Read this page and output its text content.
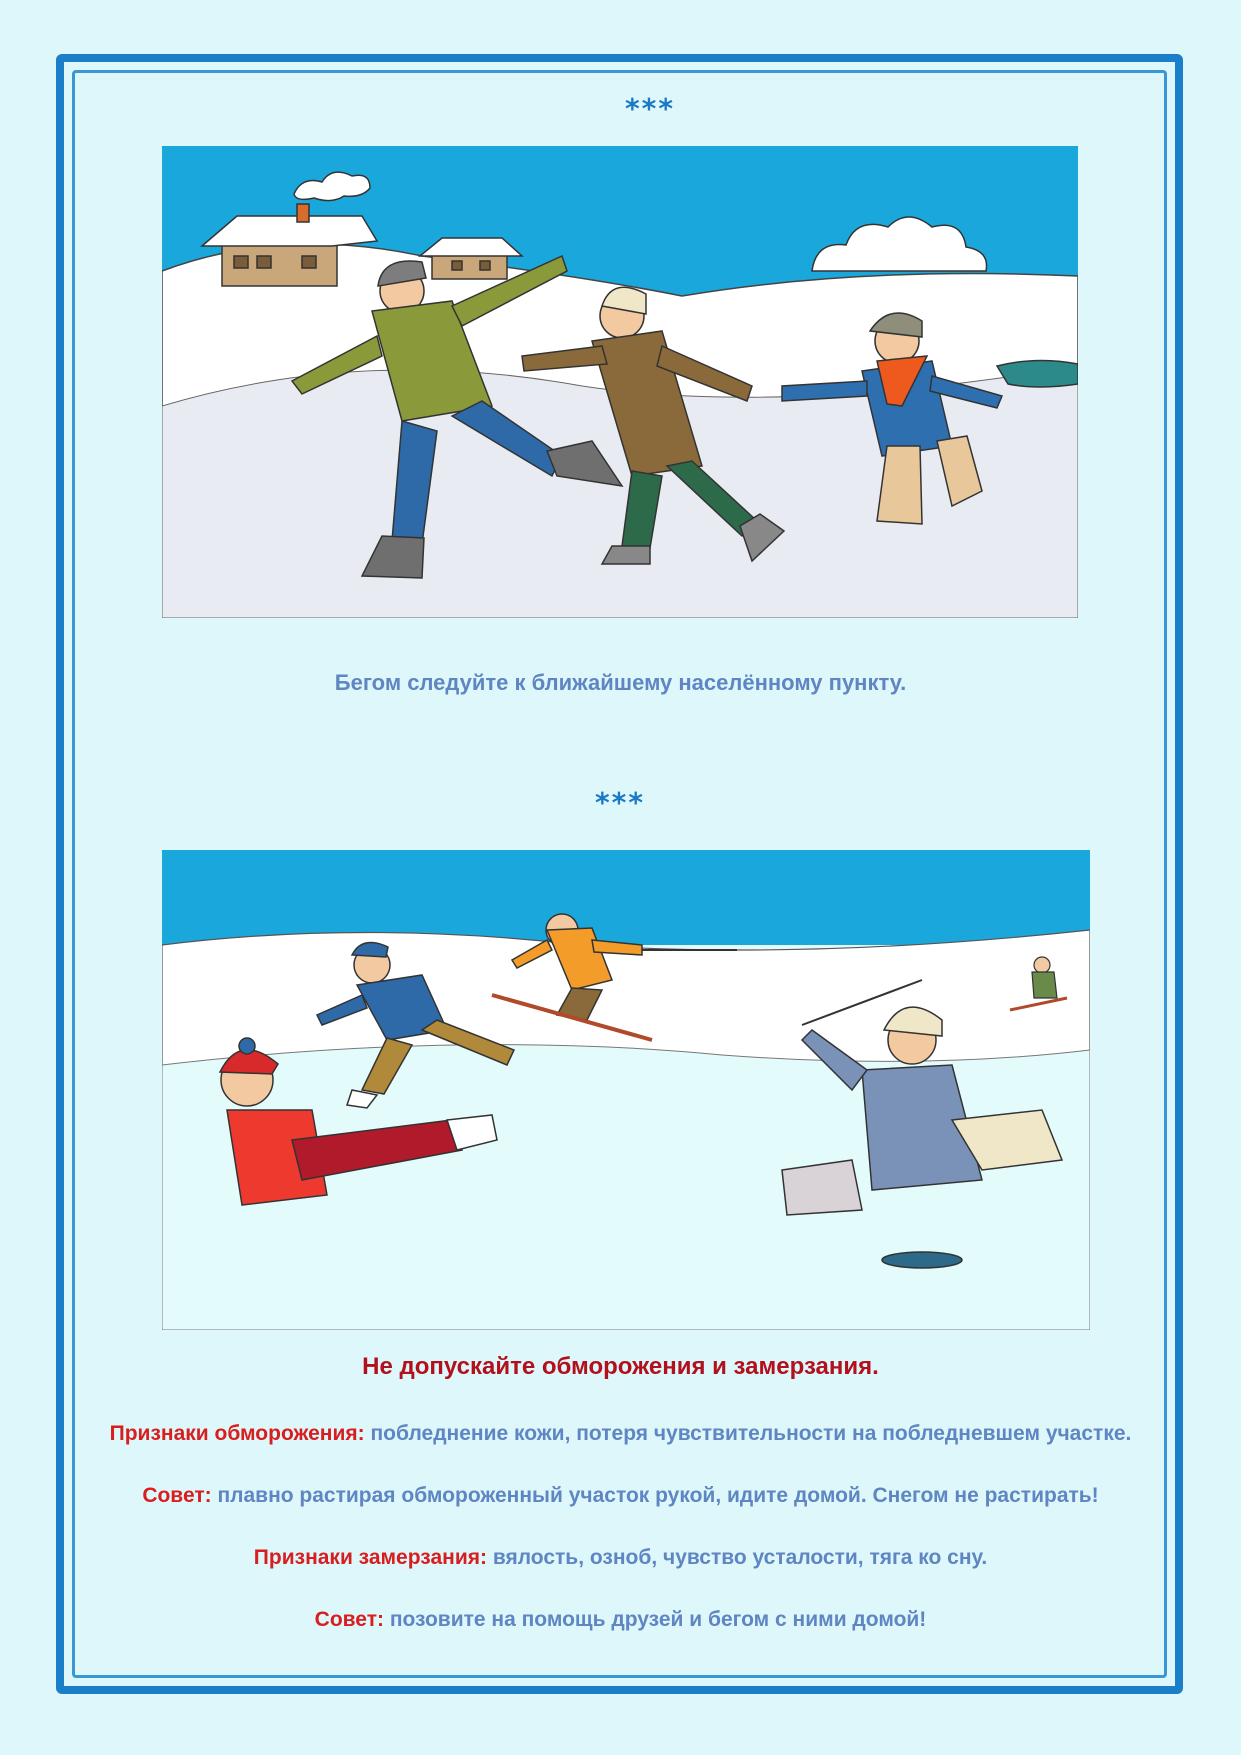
***
Бегом следуйте к ближайшему населённому пункту.
***
Не допускайте обморожения и замерзания.
Признаки обморожения: побледнение кожи, потеря чувствительности на побледневшем участке.
Совет: плавно растирая обмороженный участок рукой, идите домой. Снегом не растирать!
Признаки замерзания: вялость, озноб, чувство усталости, тяга ко сну.
Совет: позовите на помощь друзей и бегом с ними домой!
